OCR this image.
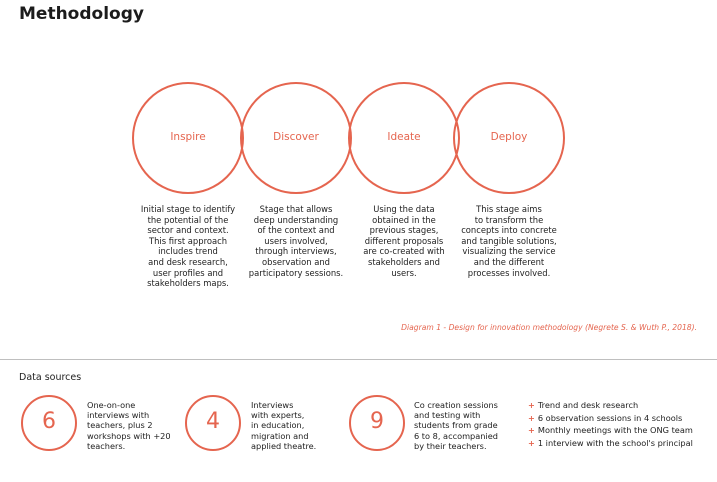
Methodology
Inspire	Discover	Ideate	Deploy
Initial stage to identify
the potential of the
sector and context.
This first approach
includes trend
and desk research,
user profiles and
stakeholders maps.
Stage that allows
deep understanding
of the context and
users involved,
through interviews,
observation and
participatory sessions.
Using the data
obtained in the
previous stages,
different proposals
are co-created with
stakeholders and
users.
This stage aims
to transform the
concepts into concrete
and tangible solutions,
visualizing the service
and the different
processes involved.
Diagram 1 - Design for innovation methodology (Negrete S. & Wuth P., 2018).
Data sources
6
One-on-one
interviews with
teachers, plus 2
workshops with +20
teachers.
4
Interviews
with experts,
in education,
migration and
applied theatre.
9
Co creation sessions
and testing with
students from grade
6 to 8, accompanied
by their teachers.
+ Trend and desk research
+ 6 observation sessions in 4 schools
+ Monthly meetings with the ONG team
+ 1 interview with the school's principal
